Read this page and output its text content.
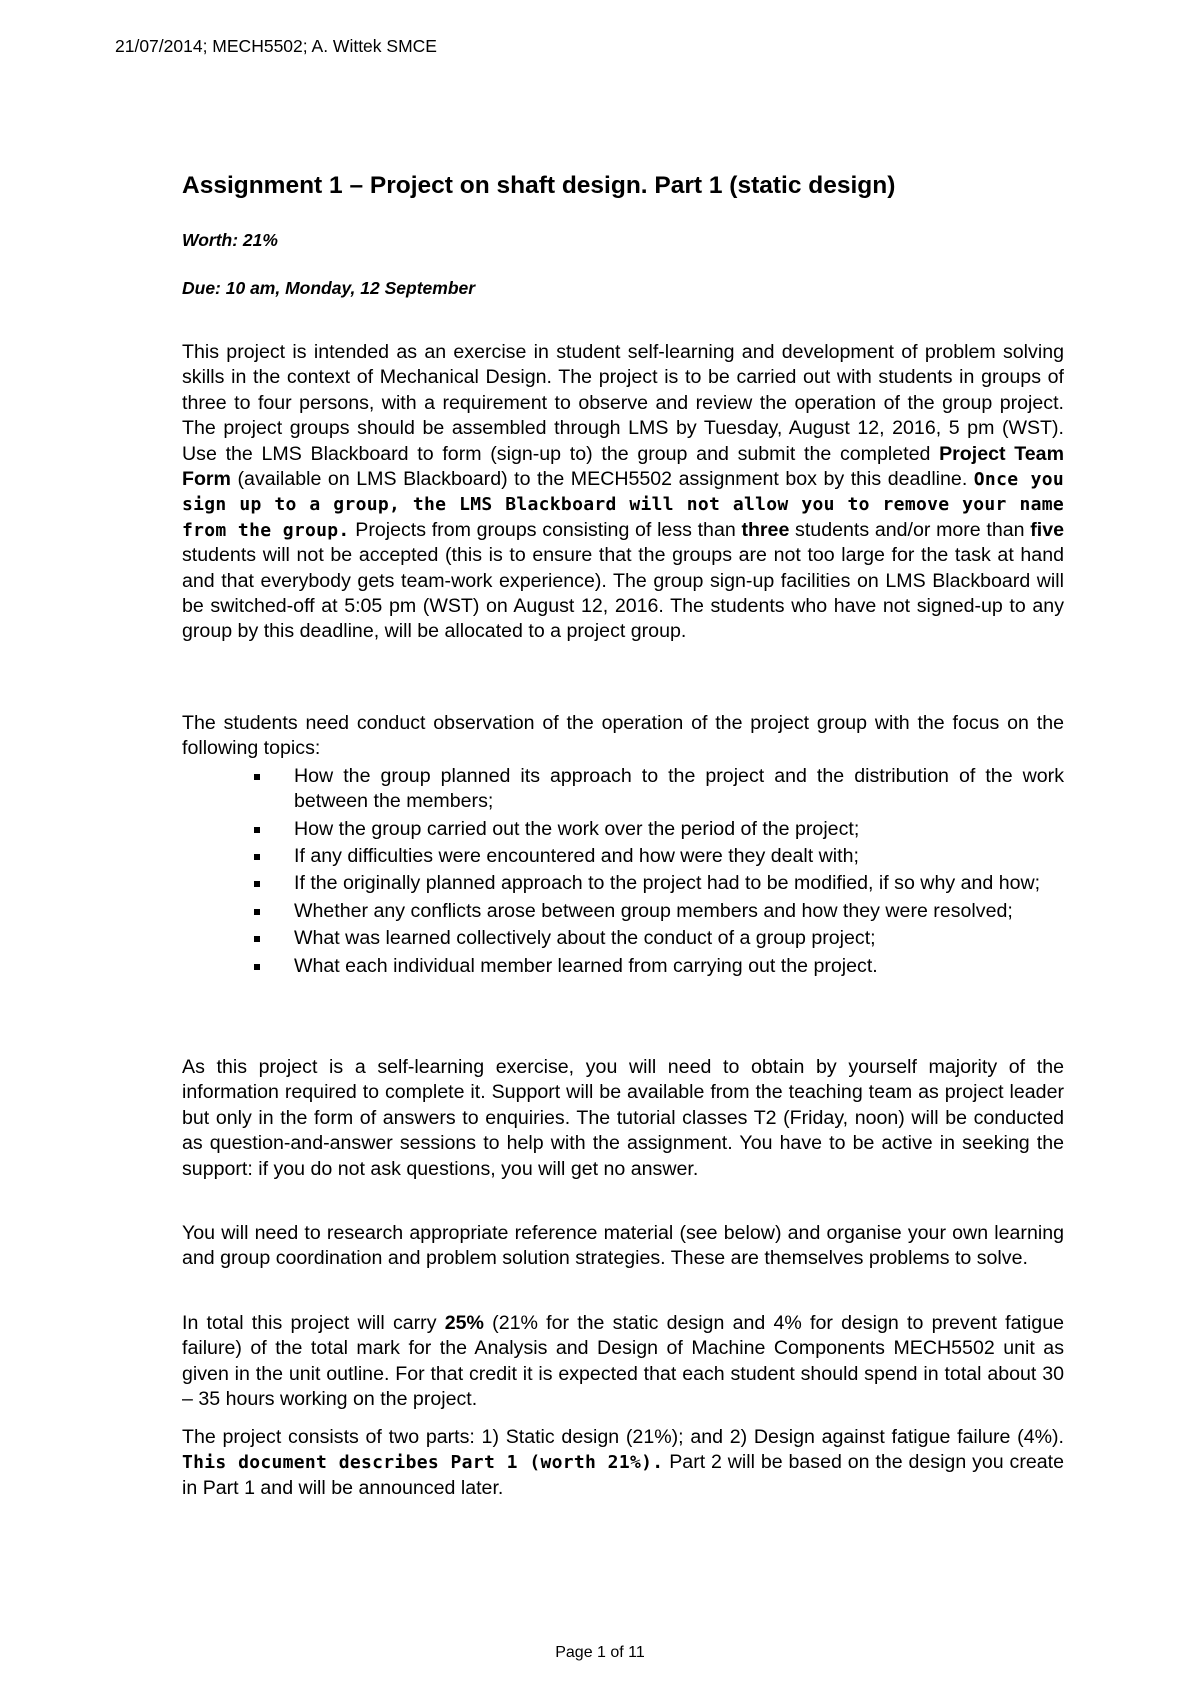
21/07/2014; MECH5502; A. Wittek SMCE
Assignment 1 – Project on shaft design. Part 1 (static design)
Worth: 21%
Due: 10 am, Monday, 12 September

This project is intended as an exercise in student self-learning and development of problem solving skills in the context of Mechanical Design. The project is to be carried out with students in groups of three to four persons, with a requirement to observe and review the operation of the group project. The project groups should be assembled through LMS by Tuesday, August 12, 2016, 5 pm (WST). Use the LMS Blackboard to form (sign-up to) the group and submit the completed Project Team Form (available on LMS Blackboard) to the MECH5502 assignment box by this deadline. Once you sign up to a group, the LMS Blackboard will not allow you to remove your name from the group. Projects from groups consisting of less than three students and/or more than five students will not be accepted (this is to ensure that the groups are not too large for the task at hand and that everybody gets team-work experience). The group sign-up facilities on LMS Blackboard will be switched-off at 5:05 pm (WST) on August 12, 2016. The students who have not signed-up to any group by this deadline, will be allocated to a project group.

The students need conduct observation of the operation of the project group with the focus on the following topics:

How the group planned its approach to the project and the distribution of the work between the members;
How the group carried out the work over the period of the project;
If any difficulties were encountered and how were they dealt with;
If the originally planned approach to the project had to be modified, if so why and how;
Whether any conflicts arose between group members and how they were resolved;
What was learned collectively about the conduct of a group project;
What each individual member learned from carrying out the project.

As this project is a self-learning exercise, you will need to obtain by yourself majority of the information required to complete it. Support will be available from the teaching team as project leader but only in the form of answers to enquiries. The tutorial classes T2 (Friday, noon) will be conducted as question-and-answer sessions to help with the assignment. You have to be active in seeking the support: if you do not ask questions, you will get no answer.

You will need to research appropriate reference material (see below) and organise your own learning and group coordination and problem solution strategies. These are themselves problems to solve.

In total this project will carry 25% (21% for the static design and 4% for design to prevent fatigue failure) of the total mark for the Analysis and Design of Machine Components MECH5502 unit as given in the unit outline. For that credit it is expected that each student should spend in total about 30 – 35 hours working on the project.

The project consists of two parts: 1) Static design (21%); and 2) Design against fatigue failure (4%). This document describes Part 1 (worth 21%). Part 2 will be based on the design you create in Part 1 and will be announced later.

Page 1 of 11
